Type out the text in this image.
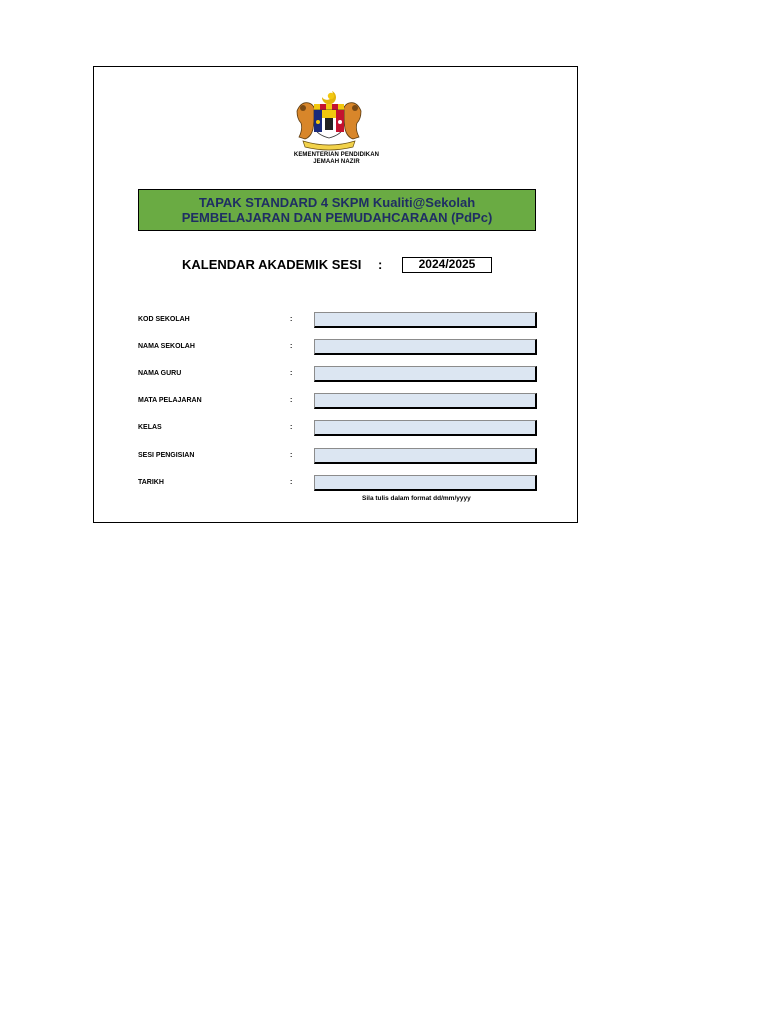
KEMENTERIAN PENDIDIKAN
JEMAAH NAZIR
TAPAK STANDARD 4 SKPM Kualiti@Sekolah
PEMBELAJARAN DAN PEMUDAHCARAAN (PdPc)
KALENDAR AKADEMIK SESI :	2024/2025
KOD SEKOLAH	:
NAMA SEKOLAH	:
NAMA GURU	:
MATA PELAJARAN	:
KELAS	:
SESI PENGISIAN	:
TARIKH	:
Sila tulis dalam format dd/mm/yyyy
